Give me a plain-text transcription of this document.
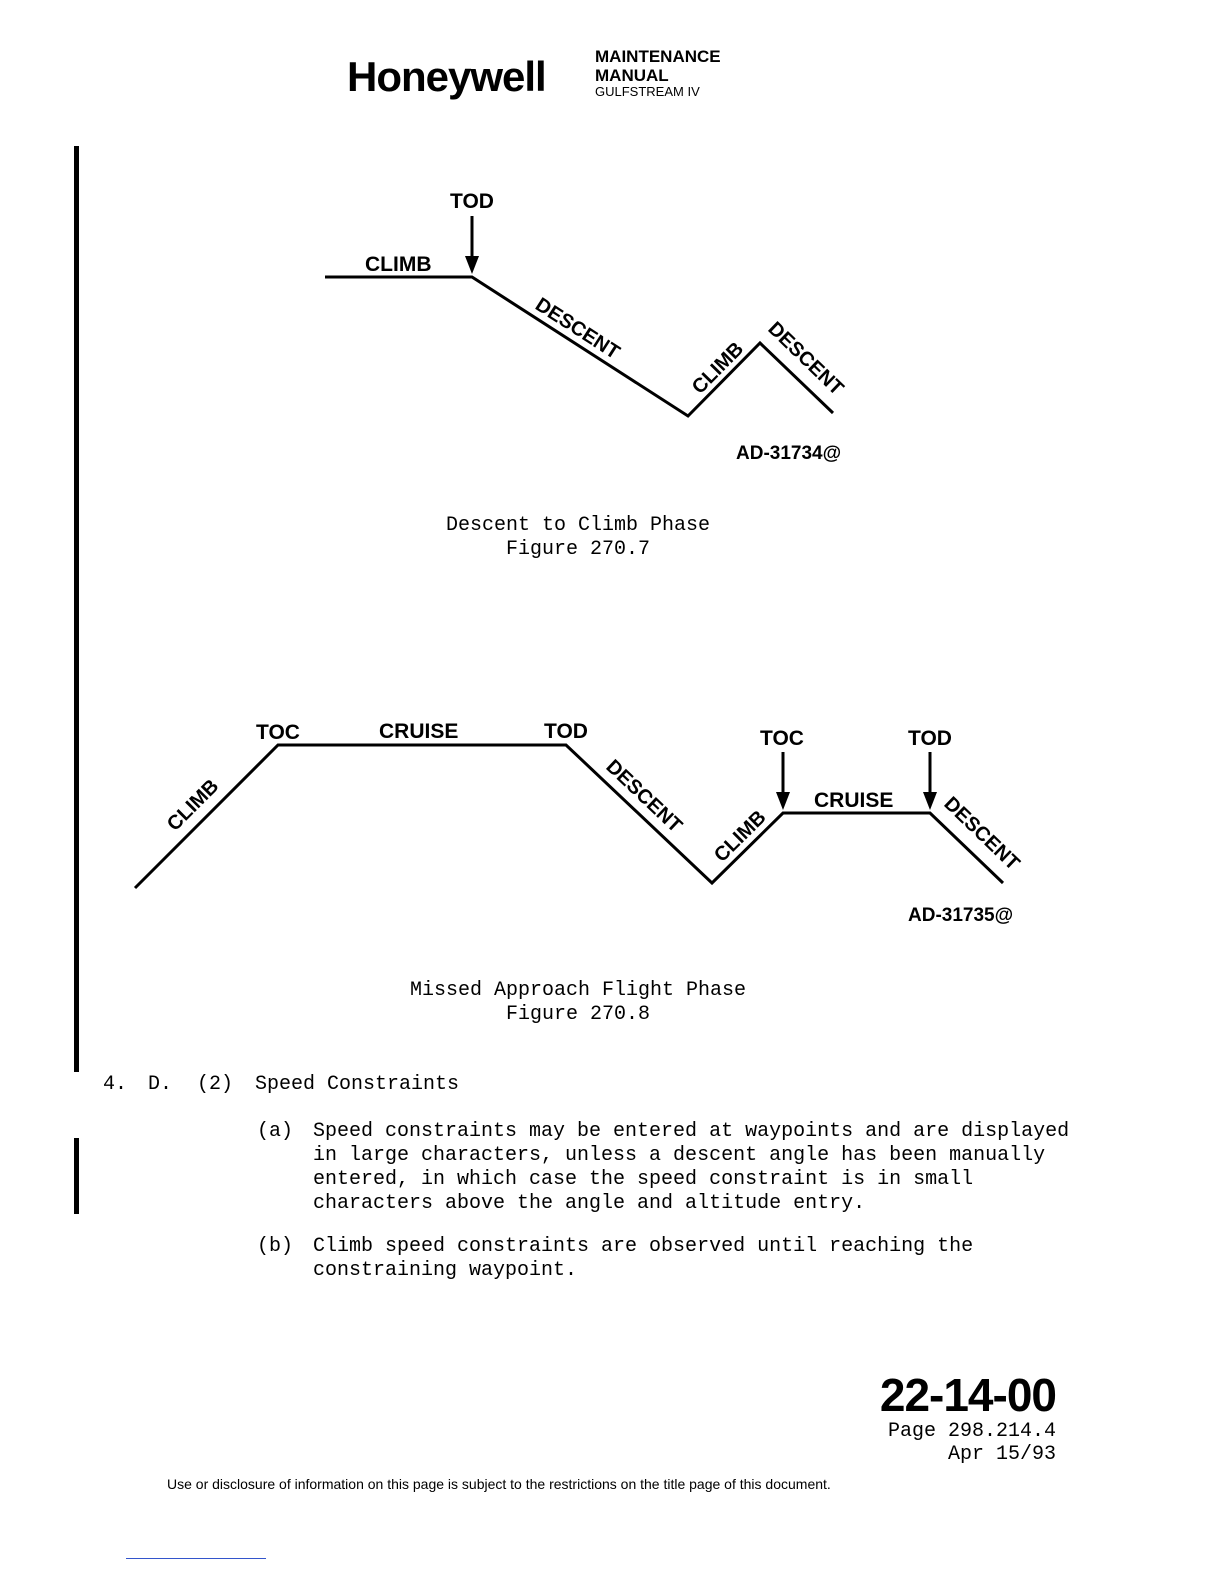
Honeywell	MAINTENANCE
MANUAL
GULFSTREAM IV
TOD
CLIMB
DESCENT
CLIMB DESCENT
AD-31734@
Descent to Climb Phase
Figure 270.7
CLIMB
TOC	CRUISE	TOD
DESCENT CLIMB
TOC
CRUISE
TOD
DESCENT
AD-31735@
Missed Approach Flight Phase
Figure 270.8
4. D. (2) Speed Constraints
(a) Speed constraints may be entered at waypoints and are displayed
in large characters, unless a descent angle has been manually
entered, in which case the speed constraint is in small
characters above the angle and altitude entry.
(b) Climb speed constraints are observed until reaching the
constraining waypoint.
22-14-00
Page 298.214.4
Apr 15/93
Use or disclosure of information on this page is subject to the restrictions on the title page of this document.
